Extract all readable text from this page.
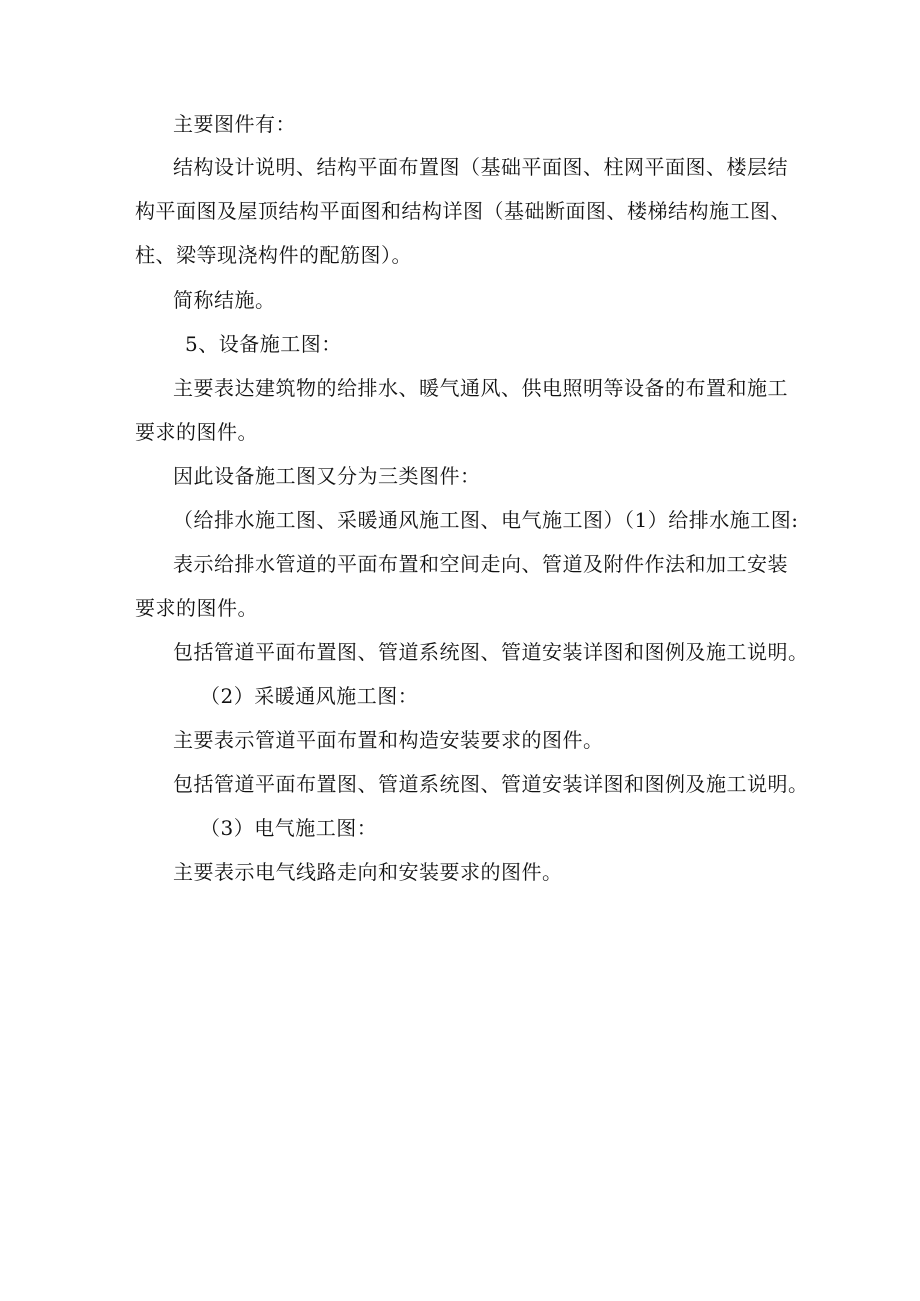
主要图件有：
结构设计说明、结构平面布置图（基础平面图、柱网平面图、楼层结
构平面图及屋顶结构平面图和结构详图（基础断面图、楼梯结构施工图、
柱、梁等现浇构件的配筋图）。
简称结施。
5、设备施工图：
主要表达建筑物的给排水、暖气通风、供电照明等设备的布置和施工
要求的图件。
因此设备施工图又分为三类图件：
（给排水施工图、采暖通风施工图、电气施工图）（1）给排水施工图:
表示给排水管道的平面布置和空间走向、管道及附件作法和加工安装
要求的图件。
包括管道平面布置图、管道系统图、管道安装详图和图例及施工说明。
（2）采暖通风施工图：
主要表示管道平面布置和构造安装要求的图件。
包括管道平面布置图、管道系统图、管道安装详图和图例及施工说明。
（3）电气施工图：
主要表示电气线路走向和安装要求的图件。
